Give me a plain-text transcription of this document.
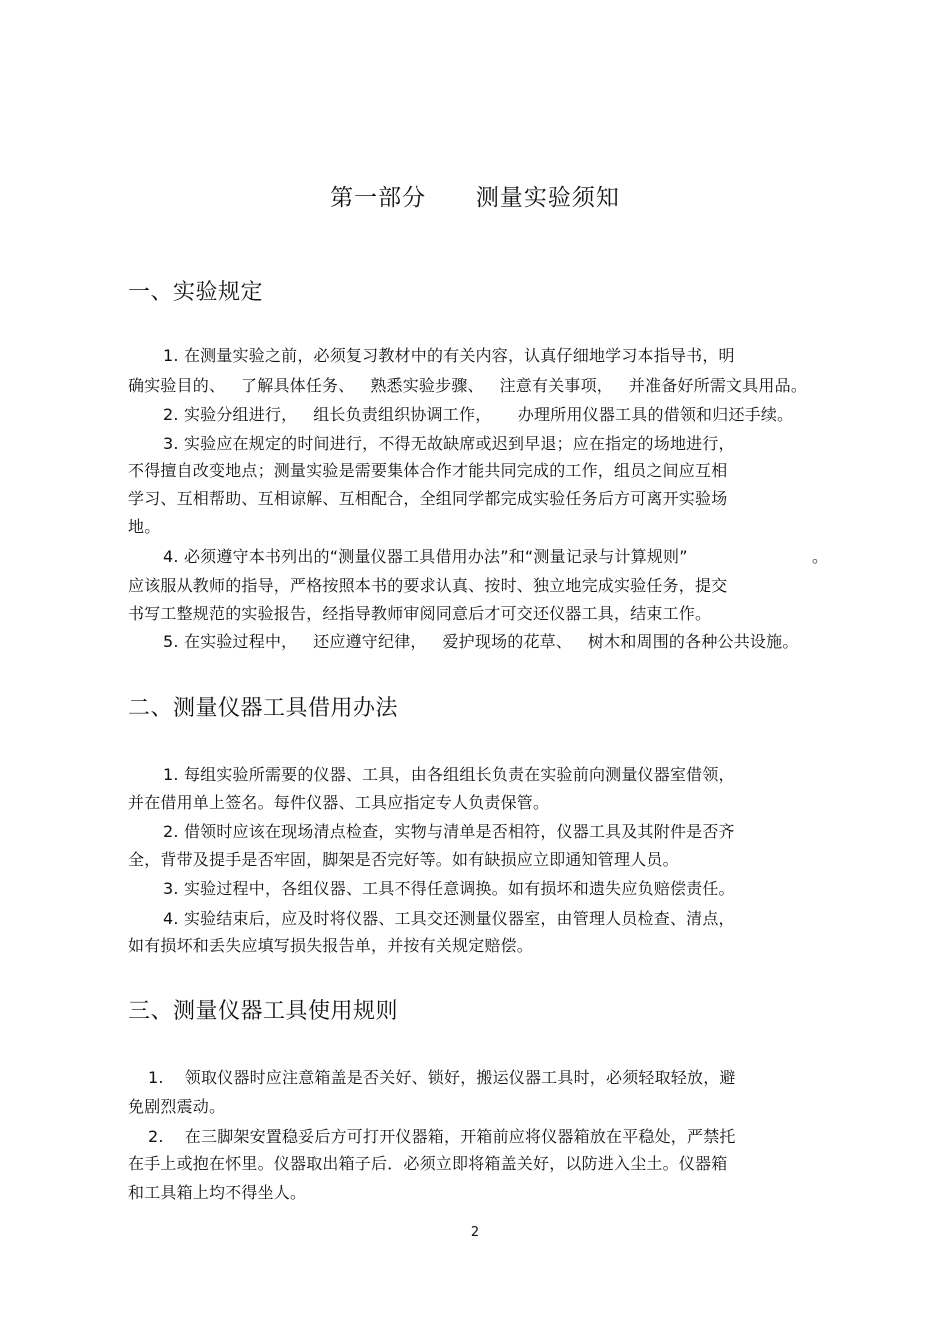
第一部分      测量实验须知
一、实验规定
1. 在测量实验之前，必须复习教材中的有关内容，认真仔细地学习本指导书，明
确实验目的、   了解具体任务、   熟悉实验步骤、   注意有关事项，   并准备好所需文具用品。
2. 实验分组进行，   组长负责组织协调工作，     办理所用仪器工具的借领和归还手续。
3. 实验应在规定的时间进行，不得无故缺席或迟到早退；应在指定的场地进行，
不得擅自改变地点；测量实验是需要集体合作才能共同完成的工作，组员之间应互相
学习、互相帮助、互相谅解、互相配合，全组同学都完成实验任务后方可离开实验场
地。
4. 必须遵守本书列出的“测量仪器工具借用办法”和“测量记录与计算规则”	。
应该服从教师的指导，严格按照本书的要求认真、按时、独立地完成实验任务，提交
书写工整规范的实验报告，经指导教师审阅同意后才可交还仪器工具，结束工作。
5. 在实验过程中，   还应遵守纪律，   爱护现场的花草、   树木和周围的各种公共设施。
二、测量仪器工具借用办法
1. 每组实验所需要的仪器、工具，由各组组长负责在实验前向测量仪器室借领，
并在借用单上签名。每件仪器、工具应指定专人负责保管。
2. 借领时应该在现场清点检查，实物与清单是否相符，仪器工具及其附件是否齐
全，背带及提手是否牢固，脚架是否完好等。如有缺损应立即通知管理人员。
3. 实验过程中，各组仪器、工具不得任意调换。如有损坏和遗失应负赔偿责任。
4. 实验结束后，应及时将仪器、工具交还测量仪器室，由管理人员检查、清点，
如有损坏和丢失应填写损失报告单，并按有关规定赔偿。
三、测量仪器工具使用规则
1.    领取仪器时应注意箱盖是否关好、锁好，搬运仪器工具时，必须轻取轻放，避
免剧烈震动。
2.    在三脚架安置稳妥后方可打开仪器箱，开箱前应将仪器箱放在平稳处，严禁托
在手上或抱在怀里。仪器取出箱子后．必须立即将箱盖关好，以防进入尘土。仪器箱
和工具箱上均不得坐人。
2
